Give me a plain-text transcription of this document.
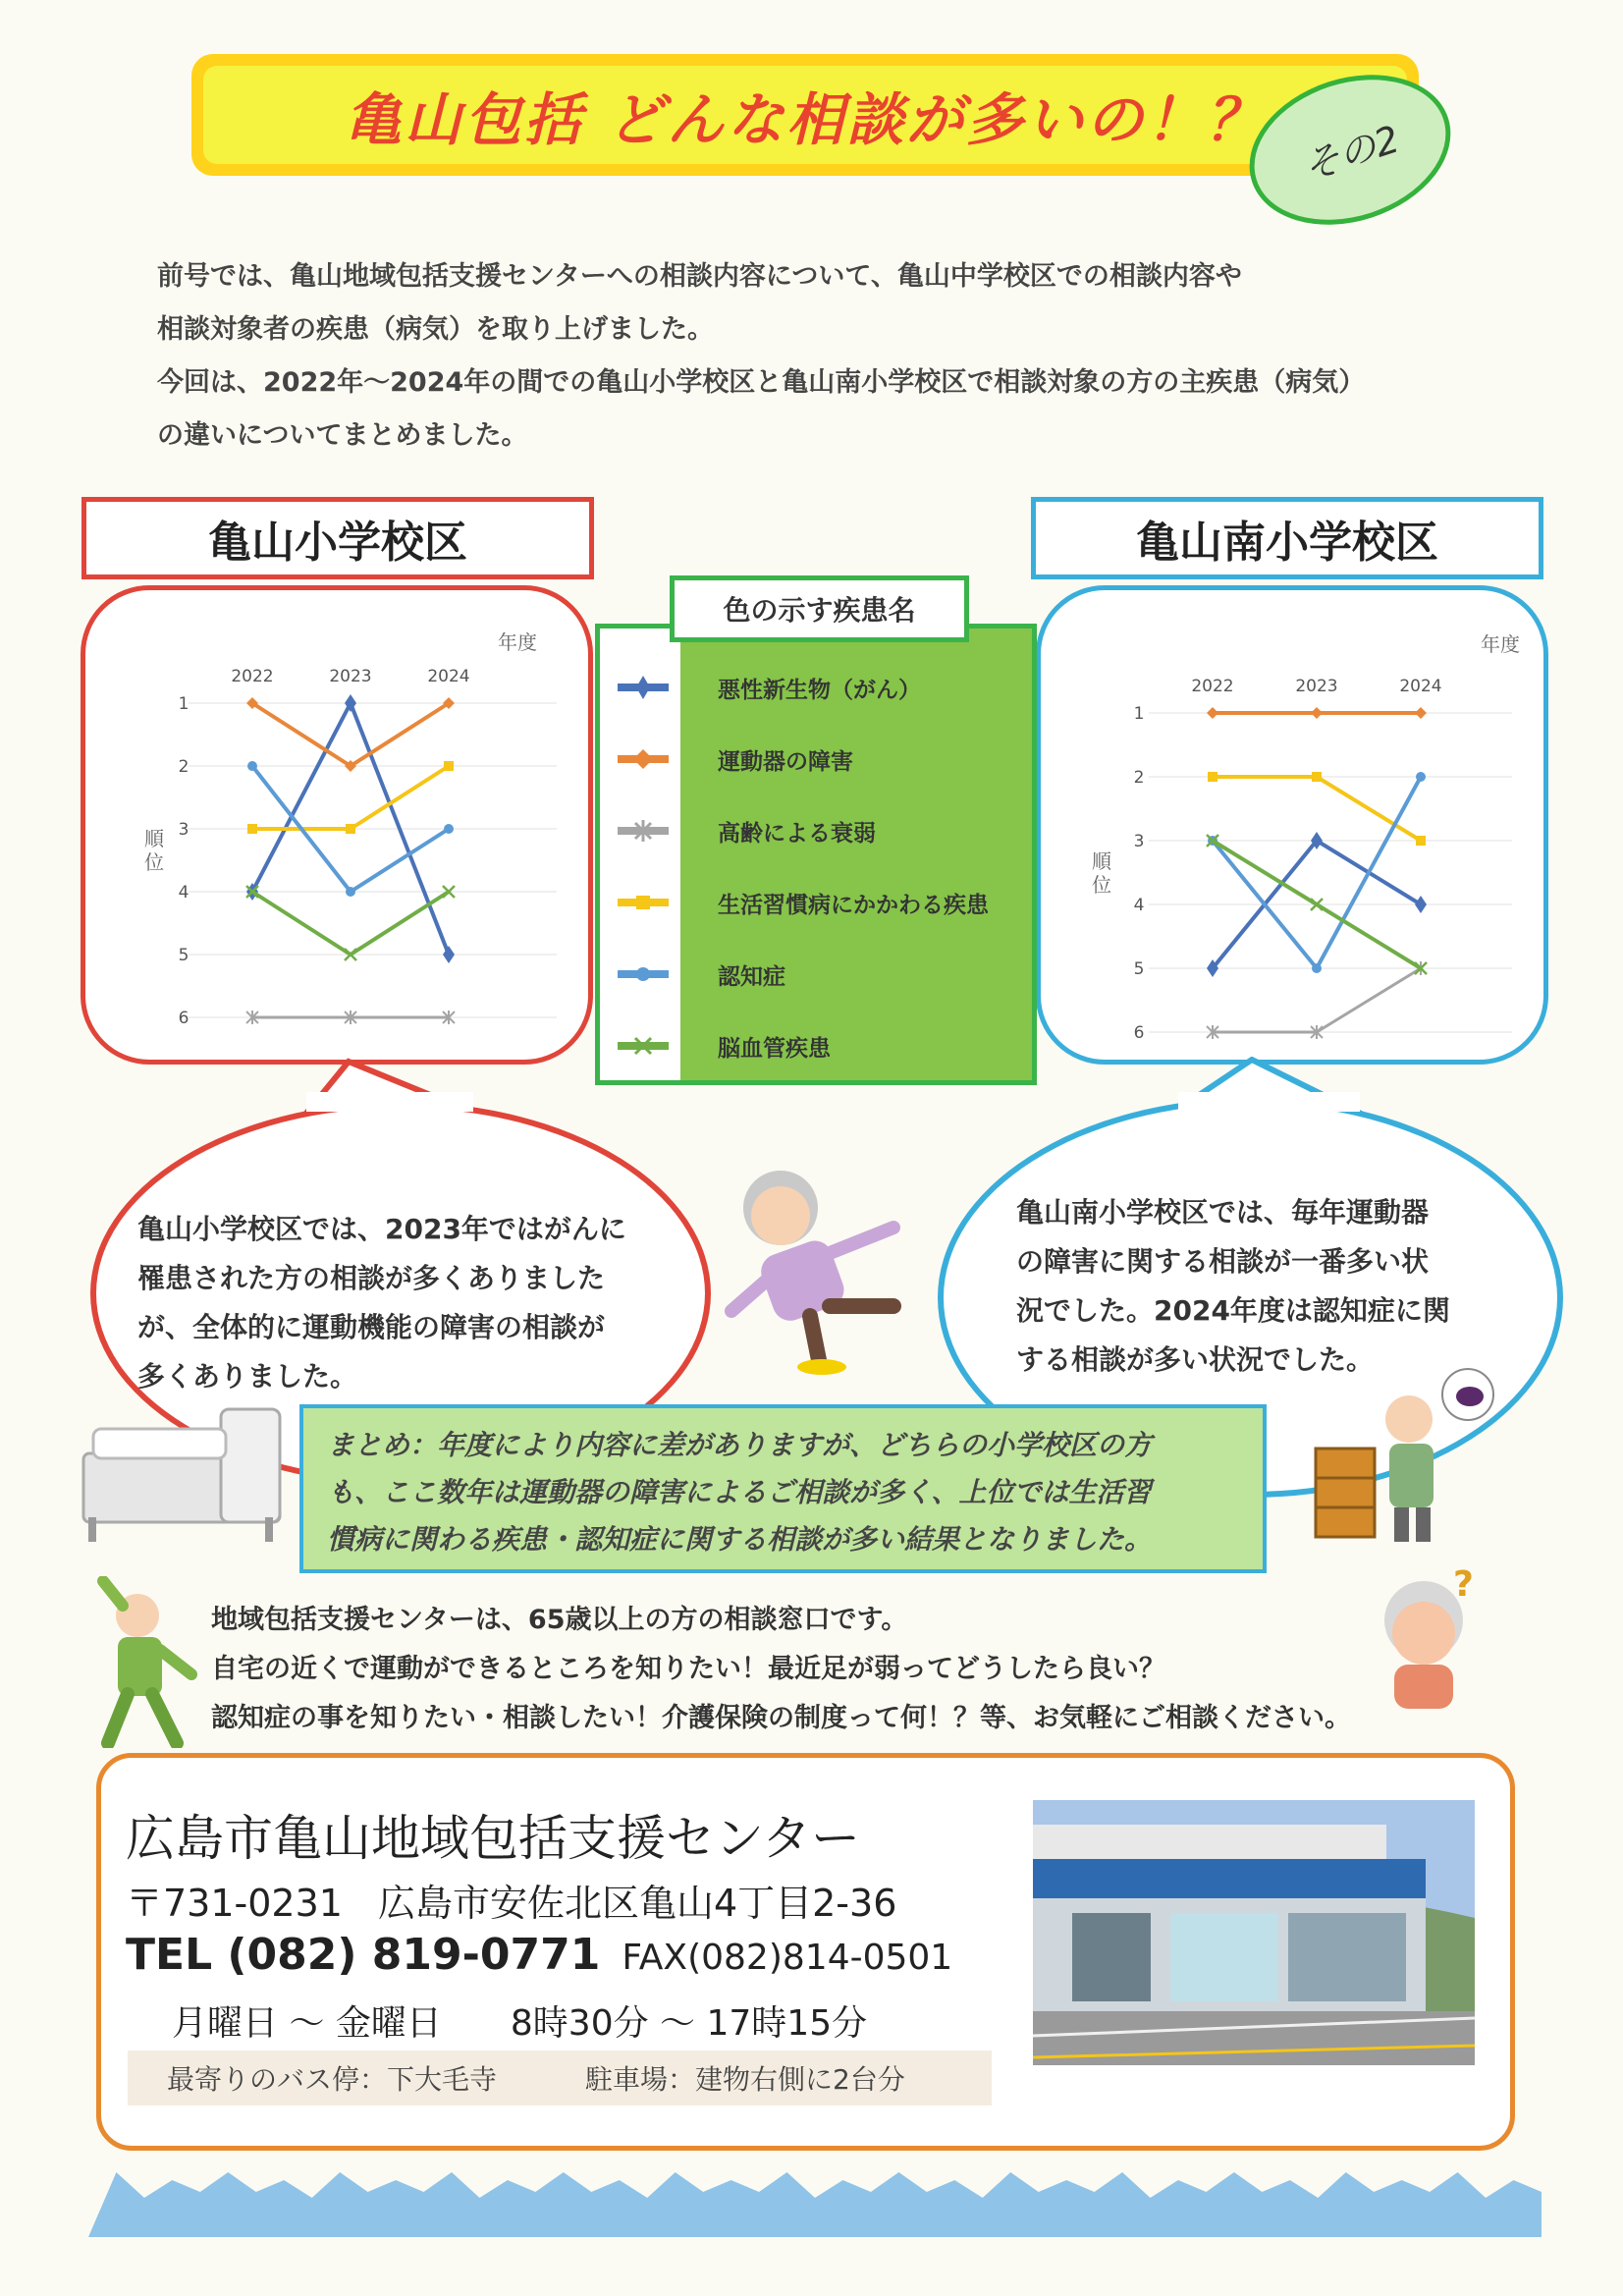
亀山包括 どんな相談が多いの！？ その2

前号では、亀山地域包括支援センターへの相談内容について、亀山中学校区での相談内容や

相談対象者の疾患（病気）を取り上げました。

今回は、2022年～2024年の間での亀山小学校区と亀山南小学校区で相談対象の方の主疾患（病気）

の違いについてまとめました。

亀山小学校区	亀山南小学校区
1
2
3
4
5
6
2022	2023	2024
年度
順
位
1
2
3
4
5
6
2022	2023	2024
年度
順
位
悪性新生物（がん）
運動器の障害
高齢による衰弱
生活習慣病にかかわる疾患
認知症
脳血管疾患
色の示す疾患名

亀山小学校区では、2023年ではがんに

罹患された方の相談が多くありました

が、全体的に運動機能の障害の相談が

多くありました。

亀山南小学校区では、毎年運動器

の障害に関する相談が一番多い状

況でした。2024年度は認知症に関

する相談が多い状況でした。

?

まとめ：年度により内容に差がありますが、どちらの小学校区の方

も、ここ数年は運動器の障害によるご相談が多く、上位では生活習

慣病に関わる疾患・認知症に関する相談が多い結果となりました。

地域包括支援センターは、65歳以上の方の相談窓口です。

自宅の近くで運動ができるところを知りたい！最近足が弱ってどうしたら良い？

認知症の事を知りたい・相談したい！介護保険の制度って何！？等、お気軽にご相談ください。

広島市亀山地域包括支援センター
〒731-0231 広島市安佐北区亀山4丁目2-36
TEL (082) 819-0771 FAX(082)814-0501
月曜日 ～ 金曜日 8時30分 ～ 17時15分
最寄りのバス停：下大毛寺	駐車場：建物右側に2台分
